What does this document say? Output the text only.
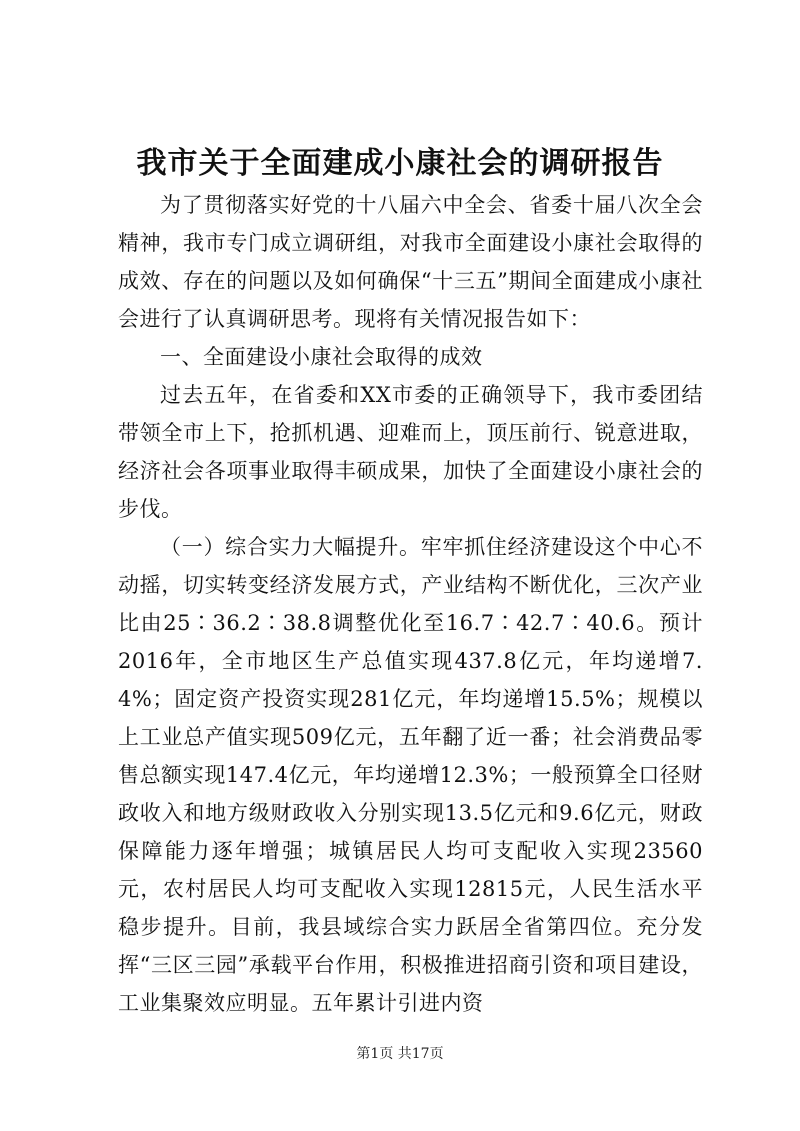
我市关于全面建成小康社会的调研报告

为了贯彻落实好党的十八届六中全会、省委十届八次全会精神，我市专门成立调研组，对我市全面建设小康社会取得的成效、存在的问题以及如何确保“十三五”期间全面建成小康社会进行了认真调研思考。现将有关情况报告如下：

一、全面建设小康社会取得的成效

过去五年，在省委和XX市委的正确领导下，我市委团结带领全市上下，抢抓机遇、迎难而上，顶压前行、锐意进取，经济社会各项事业取得丰硕成果，加快了全面建设小康社会的步伐。

（一）综合实力大幅提升。牢牢抓住经济建设这个中心不动摇，切实转变经济发展方式，产业结构不断优化，三次产业比由25∶36.2∶38.8调整优化至16.7∶42.7∶40.6。预计2016年，全市地区生产总值实现437.8亿元，年均递增7.4%；固定资产投资实现281亿元，年均递增15.5%；规模以上工业总产值实现509亿元，五年翻了近一番；社会消费品零售总额实现147.4亿元，年均递增12.3%；一般预算全口径财政收入和地方级财政收入分别实现13.5亿元和9.6亿元，财政保障能力逐年增强；城镇居民人均可支配收入实现23560元，农村居民人均可支配收入实现12815元，人民生活水平稳步提升。目前，我县域综合实力跃居全省第四位。充分发挥“三区三园”承载平台作用，积极推进招商引资和项目建设，工业集聚效应明显。五年累计引进内资

第1页 共17页
